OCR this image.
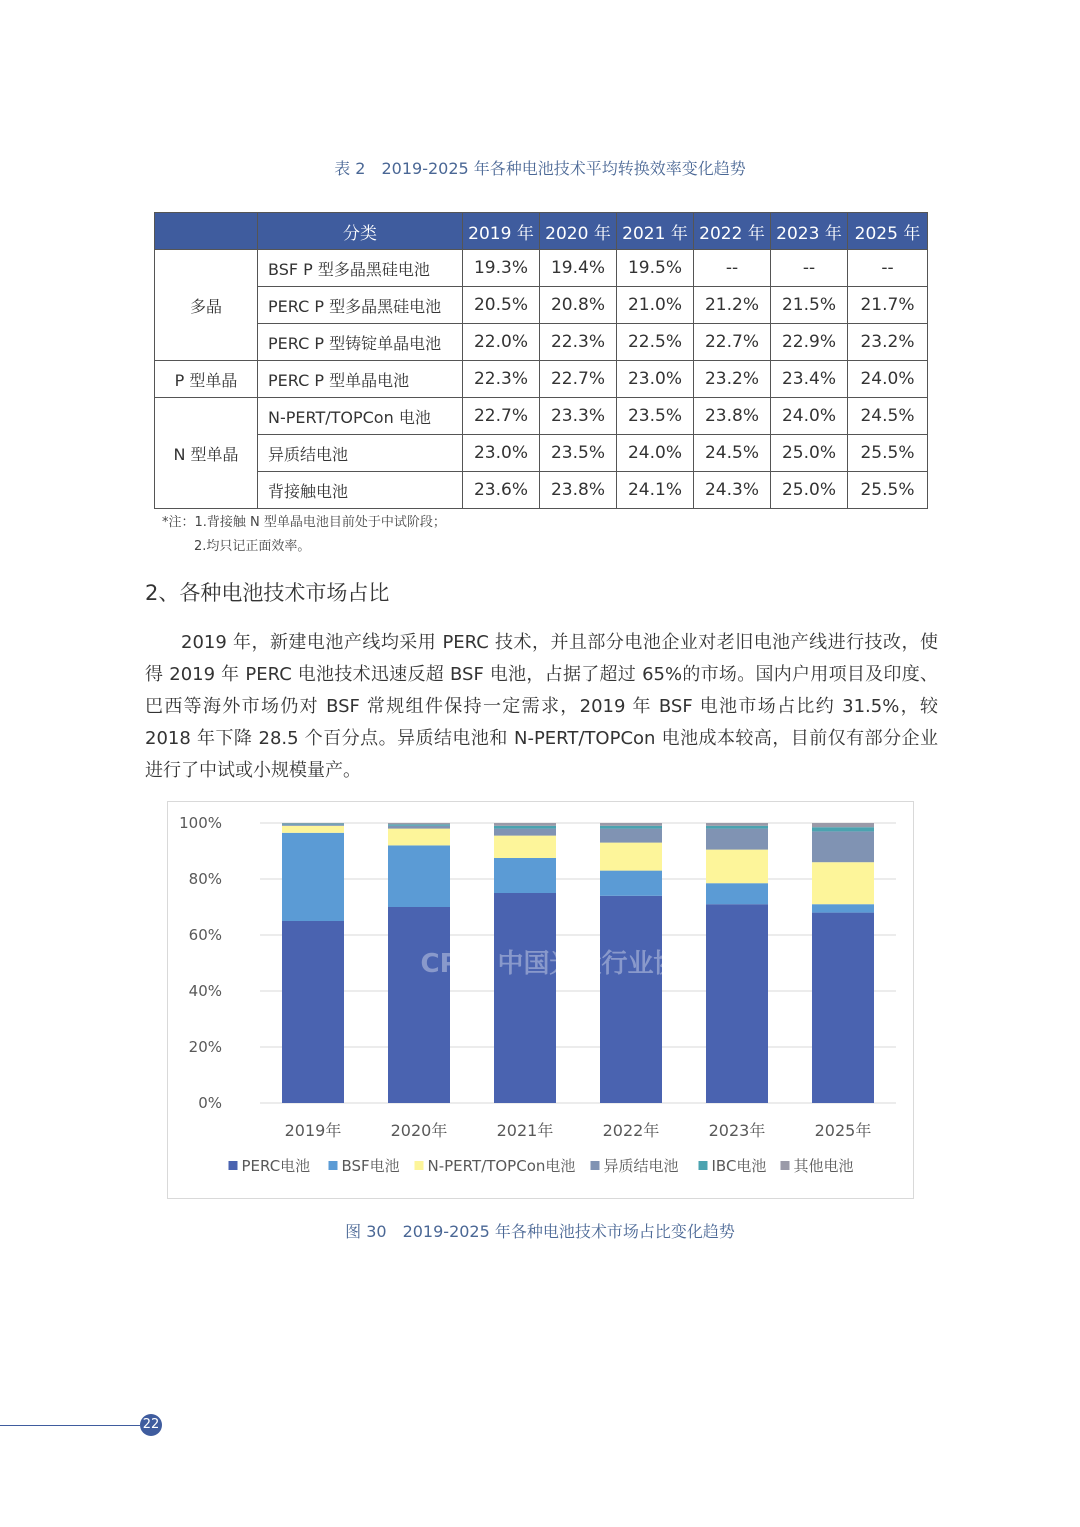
表 2　2019-2025 年各种电池技术平均转换效率变化趋势
	分类	2019 年	2020 年	2021 年	2022 年	2023 年	2025 年
多晶	BSF P 型多晶黑硅电池	19.3%	19.4%	19.5%	--	--	--
	PERC P 型多晶黑硅电池	20.5%	20.8%	21.0%	21.2%	21.5%	21.7%
	PERC P 型铸锭单晶电池	22.0%	22.3%	22.5%	22.7%	22.9%	23.2%
P 型单晶	PERC P 型单晶电池	22.3%	22.7%	23.0%	23.2%	23.4%	24.0%
N 型单晶	N-PERT/TOPCon 电池	22.7%	23.3%	23.5%	23.8%	24.0%	24.5%
	异质结电池	23.0%	23.5%	24.0%	24.5%	25.0%	25.5%
	背接触电池	23.6%	23.8%	24.1%	24.3%	25.0%	25.5%
*注：1.背接触 N 型单晶电池目前处于中试阶段；
2.均只记正面效率。
2、各种电池技术市场占比
  2019 年，新建电池产线均采用 PERC 技术，并且部分电池企业对老旧电池产线进行技改，使得 2019 年 PERC 电池技术迅速反超 BSF 电池，占据了超过 65%的市场。国内户用项目及印度、巴西等海外市场仍对 BSF 常规组件保持一定需求，2019 年 BSF 电池市场占比约 31.5%，较 2018 年下降 28.5 个百分点。异质结电池和 N-PERT/TOPCon 电池成本较高，目前仅有部分企业进行了中试或小规模量产。
0%
20%
40%
60%
80%
100%
2019年	2020年	2021年	2022年	2023年	2025年
CPIA 中国光伏行业协会
PERC电池 BSF电池 N-PERT/TOPCon电池 异质结电池 IBC电池 其他电池
图 30　2019-2025 年各种电池技术市场占比变化趋势
22
